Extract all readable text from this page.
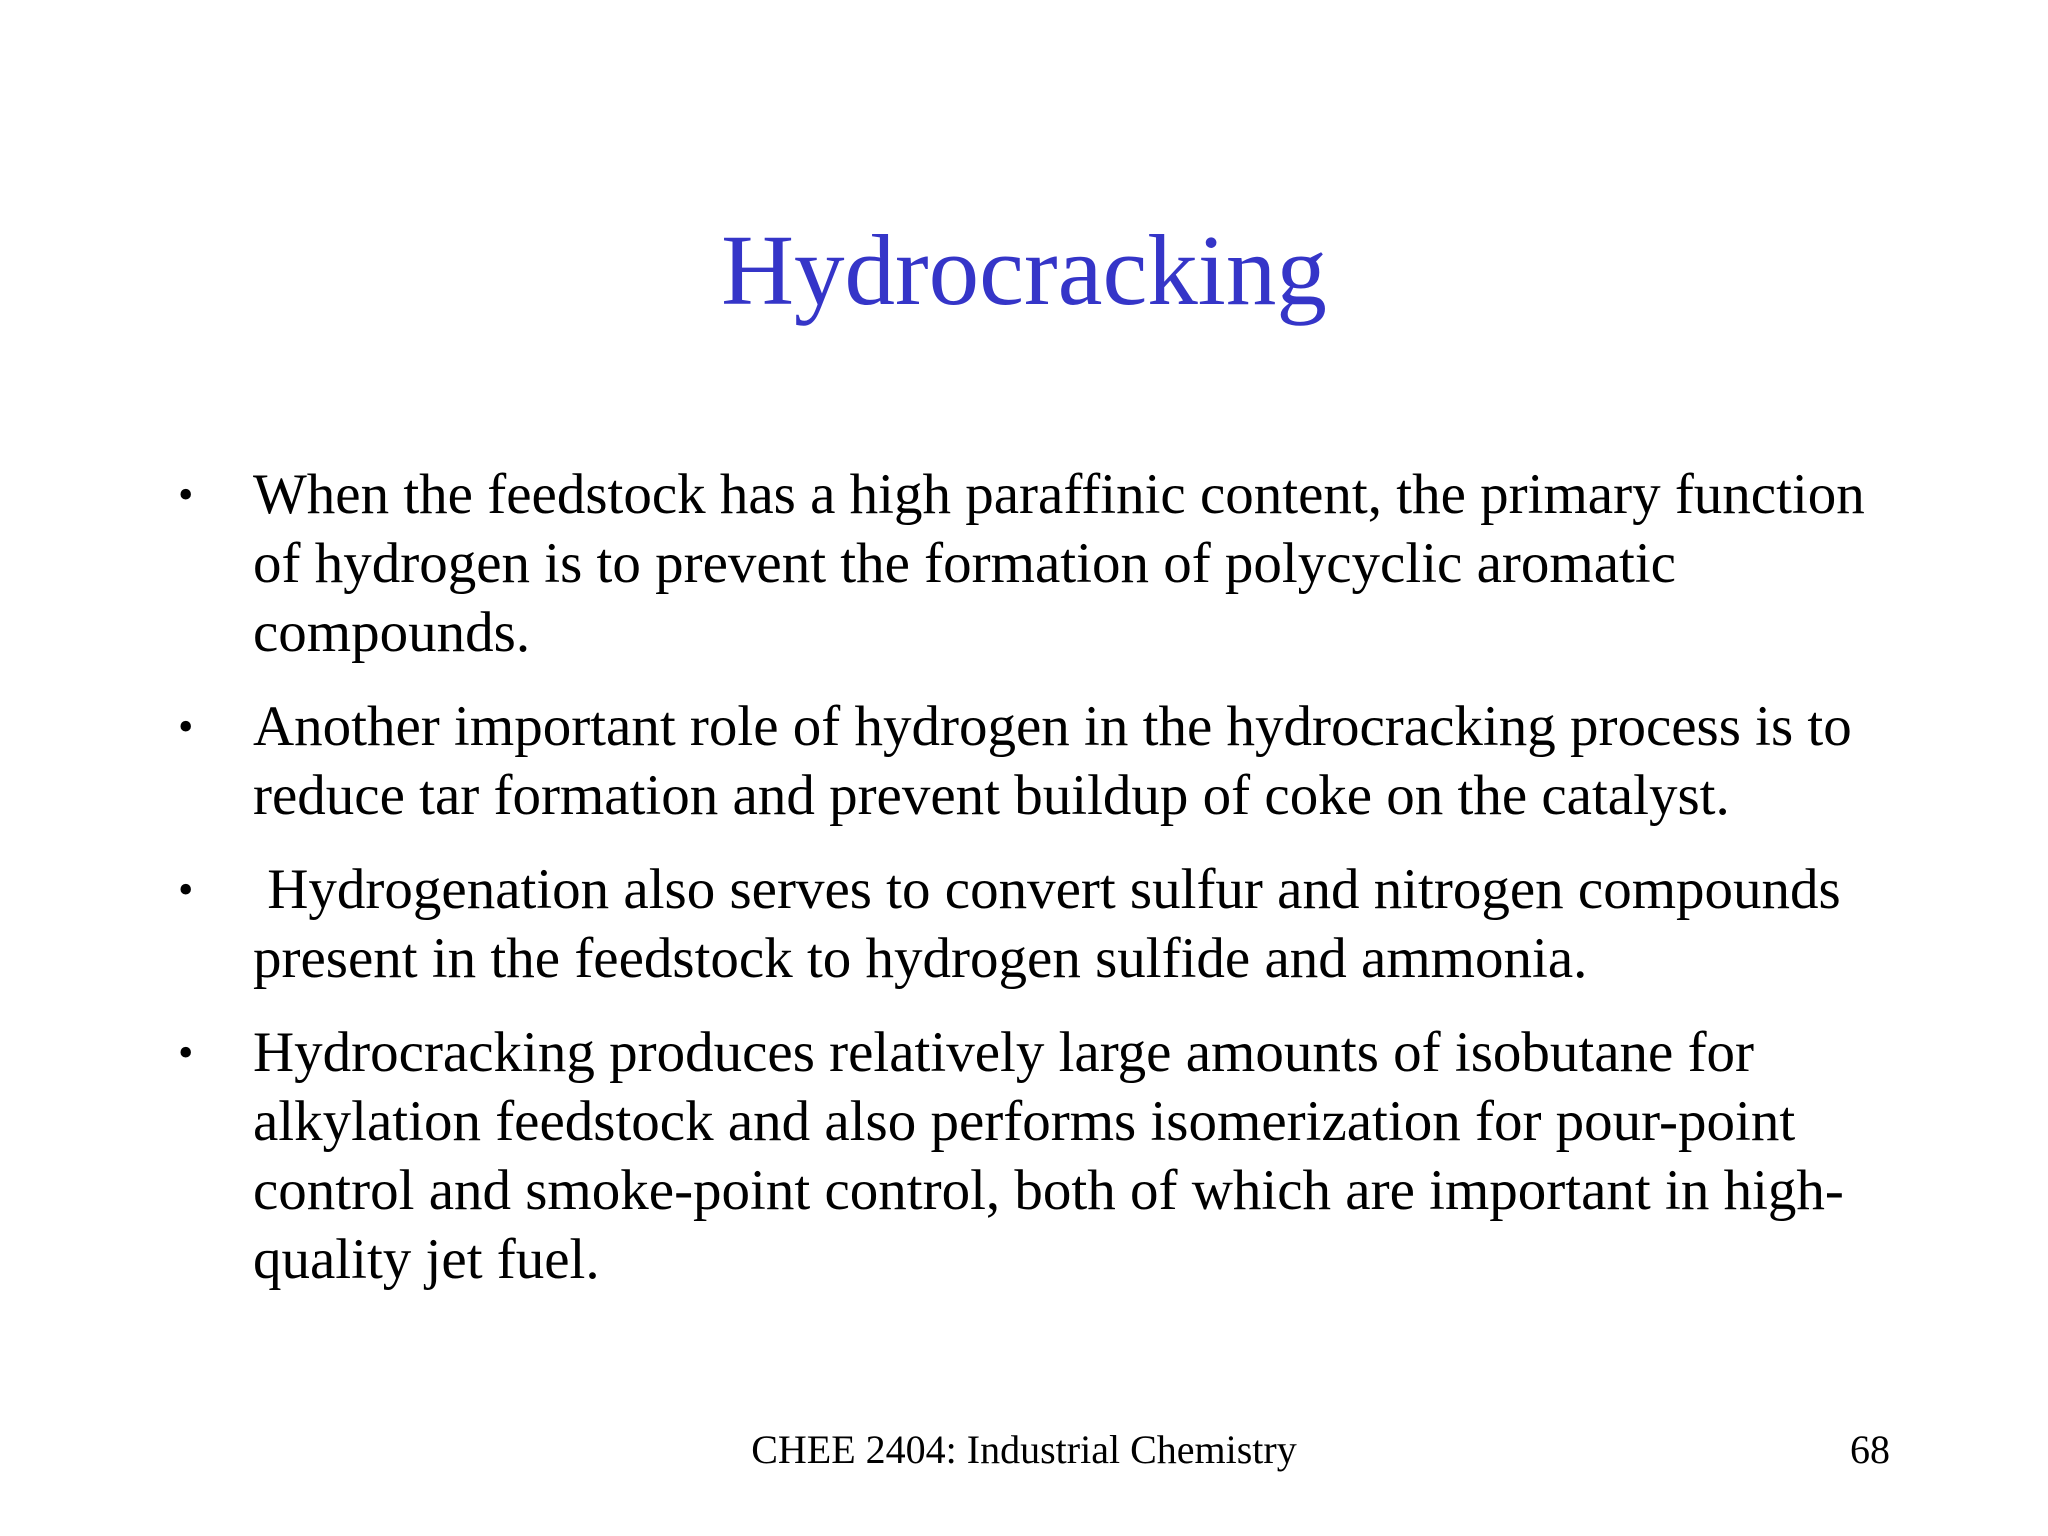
Hydrocracking
• When the feedstock has a high paraffinic content, the primary function of hydrogen is to prevent the formation of polycyclic aromatic compounds.
• Another important role of hydrogen in the hydrocracking process is to reduce tar formation and prevent buildup of coke on the catalyst.
• Hydrogenation also serves to convert sulfur and nitrogen compounds present in the feedstock to hydrogen sulfide and ammonia.
• Hydrocracking produces relatively large amounts of isobutane for alkylation feedstock and also performs isomerization for pour-point control and smoke-point control, both of which are important in high-quality jet fuel.
CHEE 2404: Industrial Chemistry	68
